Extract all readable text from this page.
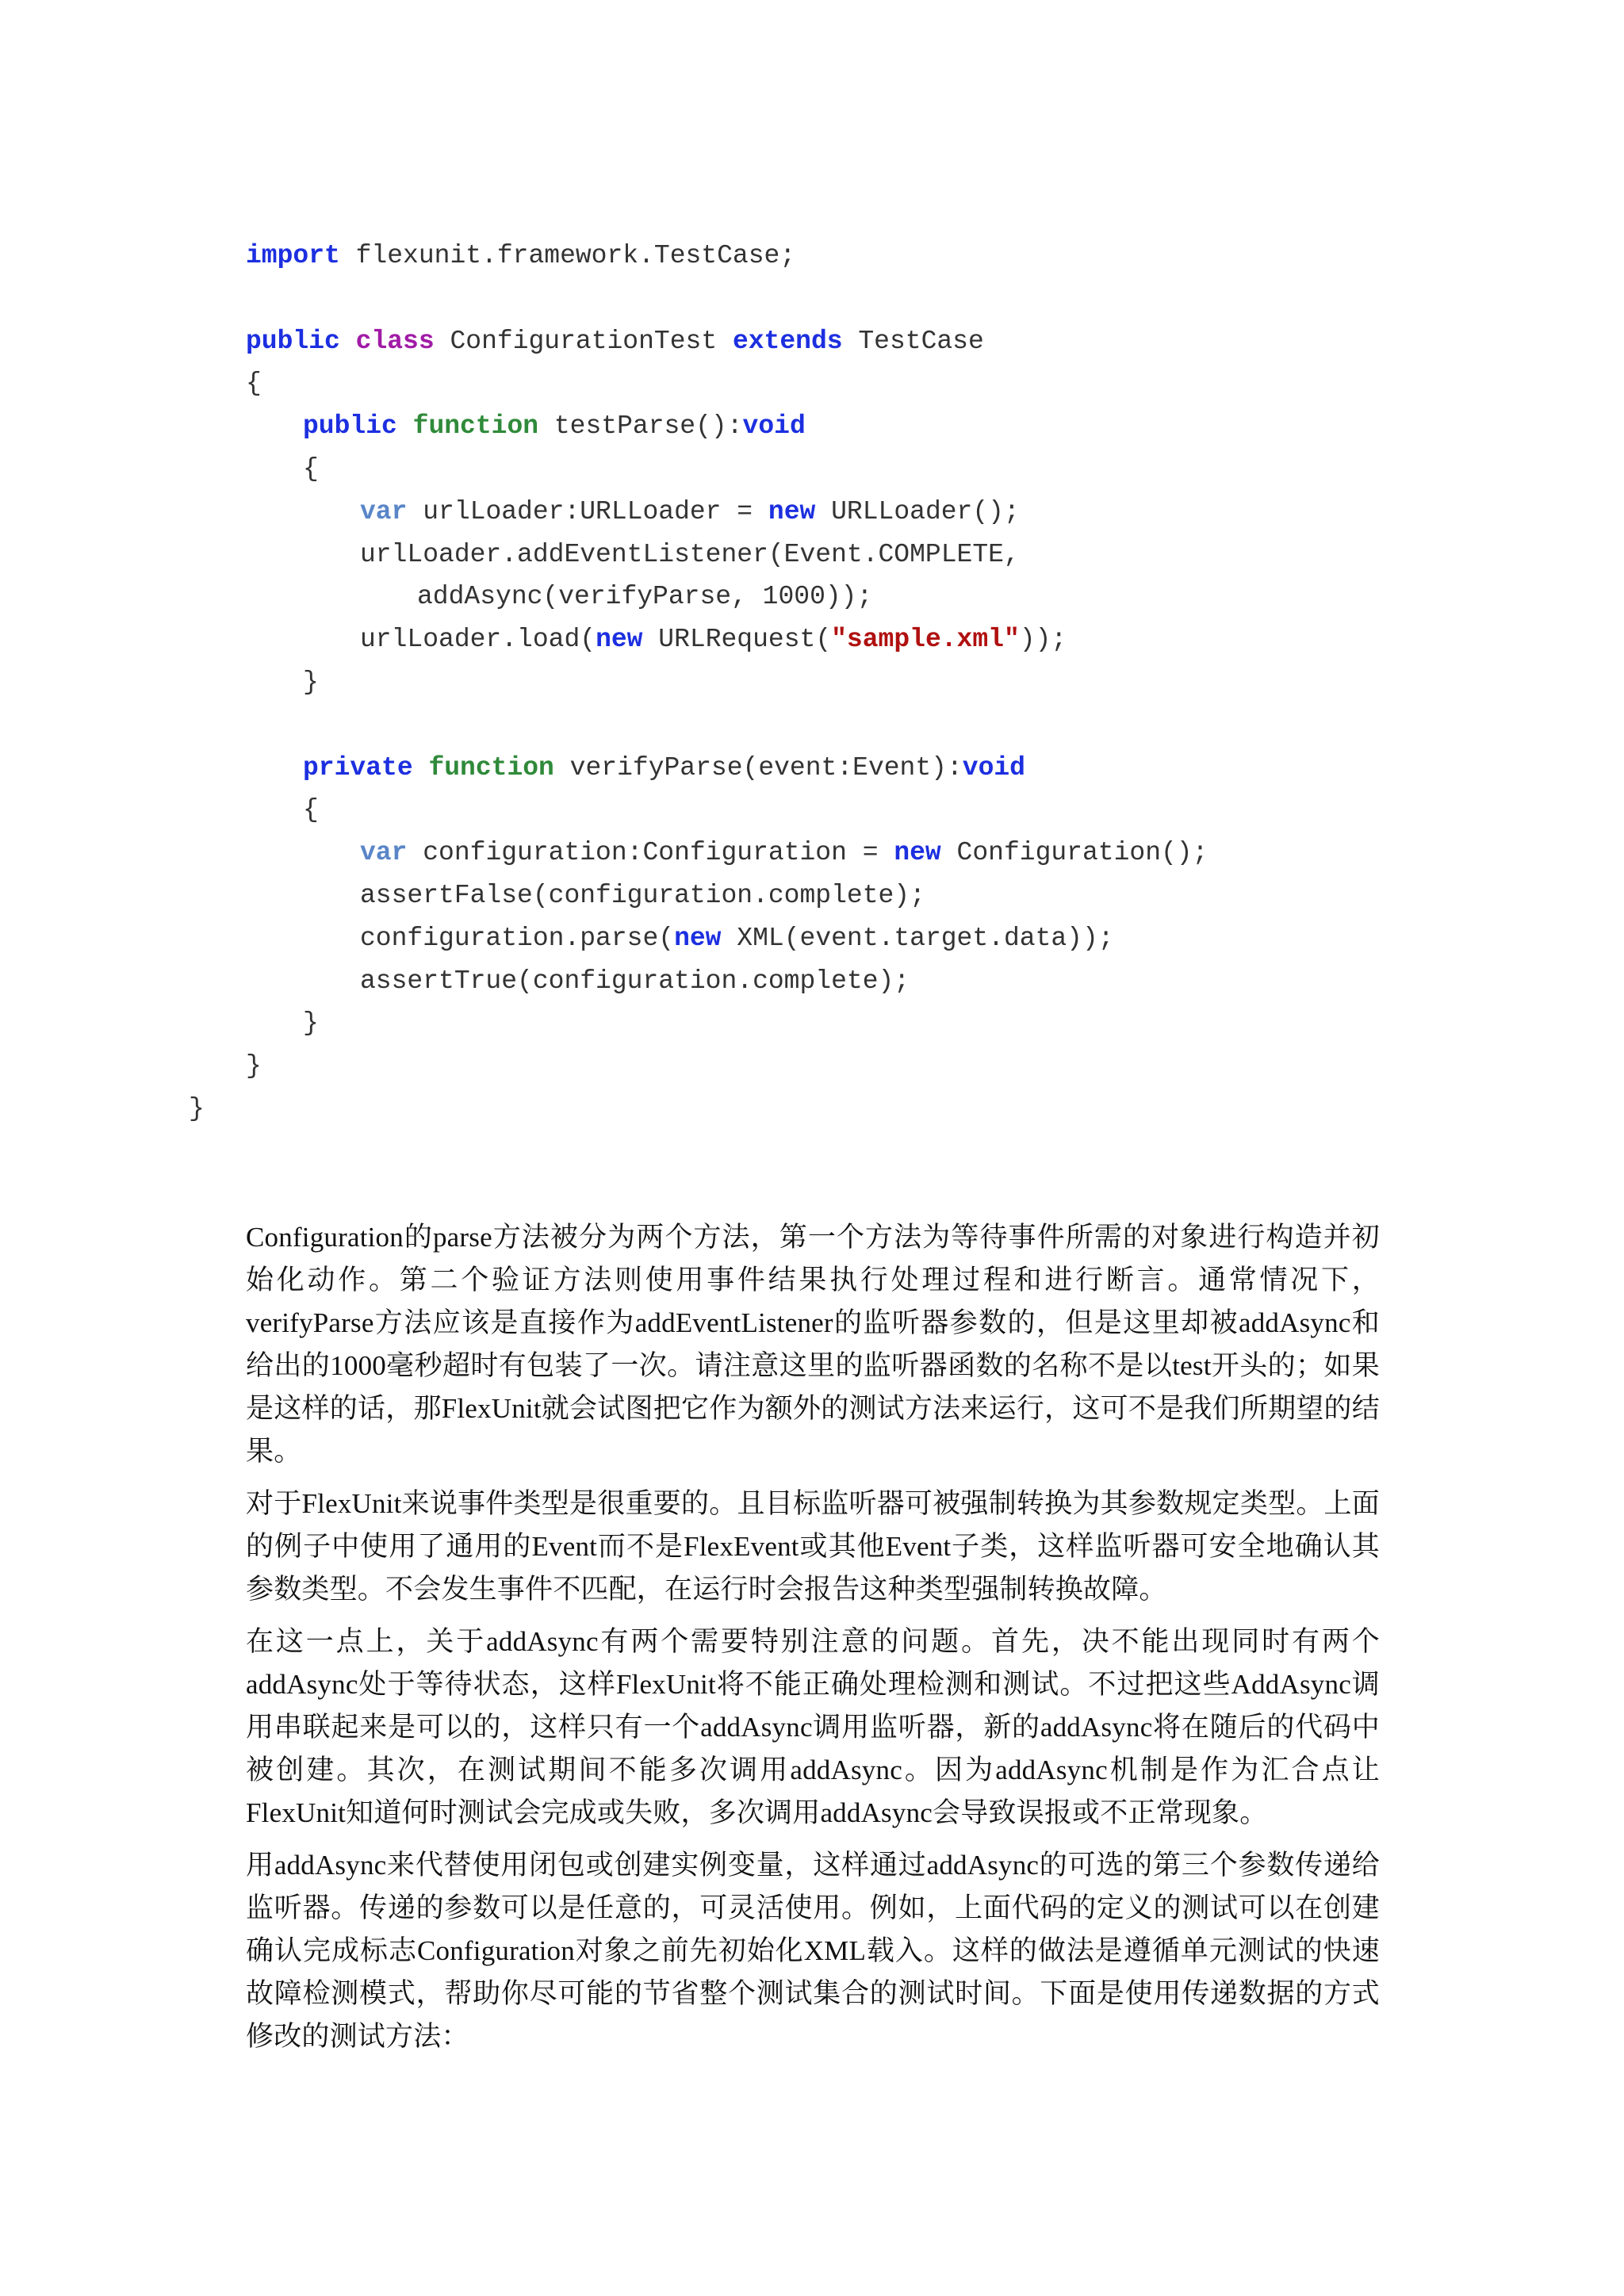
import flexunit.framework.TestCase;
public class ConfigurationTest extends TestCase
{
public function testParse():void
{
var urlLoader:URLLoader = new URLLoader();
urlLoader.addEventListener(Event.COMPLETE,
addAsync(verifyParse, 1000));
urlLoader.load(new URLRequest("sample.xml"));
}
private function verifyParse(event:Event):void
{
var configuration:Configuration = new Configuration();
assertFalse(configuration.complete);
configuration.parse(new XML(event.target.data));
assertTrue(configuration.complete);
}
}
}

Configuration的parse方法被分为两个方法，第一个方法为等待事件所需的对象进行构造并初始化动作。第二个验证方法则使用事件结果执行处理过程和进行断言。通常情况下，verifyParse方法应该是直接作为addEventListener的监听器参数的，但是这里却被addAsync和给出的1000毫秒超时有包装了一次。请注意这里的监听器函数的名称不是以test开头的；如果是这样的话，那FlexUnit就会试图把它作为额外的测试方法来运行，这可不是我们所期望的结果。

对于FlexUnit来说事件类型是很重要的。且目标监听器可被强制转换为其参数规定类型。上面的例子中使用了通用的Event而不是FlexEvent或其他Event子类，这样监听器可安全地确认其参数类型。不会发生事件不匹配，在运行时会报告这种类型强制转换故障。

在这一点上，关于addAsync有两个需要特别注意的问题。首先，决不能出现同时有两个addAsync处于等待状态，这样FlexUnit将不能正确处理检测和测试。不过把这些AddAsync调用串联起来是可以的，这样只有一个addAsync调用监听器，新的addAsync将在随后的代码中被创建。其次，在测试期间不能多次调用addAsync。因为addAsync机制是作为汇合点让FlexUnit知道何时测试会完成或失败，多次调用addAsync会导致误报或不正常现象。

用addAsync来代替使用闭包或创建实例变量，这样通过addAsync的可选的第三个参数传递给监听器。传递的参数可以是任意的，可灵活使用。例如，上面代码的定义的测试可以在创建确认完成标志Configuration对象之前先初始化XML载入。这样的做法是遵循单元测试的快速故障检测模式，帮助你尽可能的节省整个测试集合的测试时间。下面是使用传递数据的方式修改的测试方法：
